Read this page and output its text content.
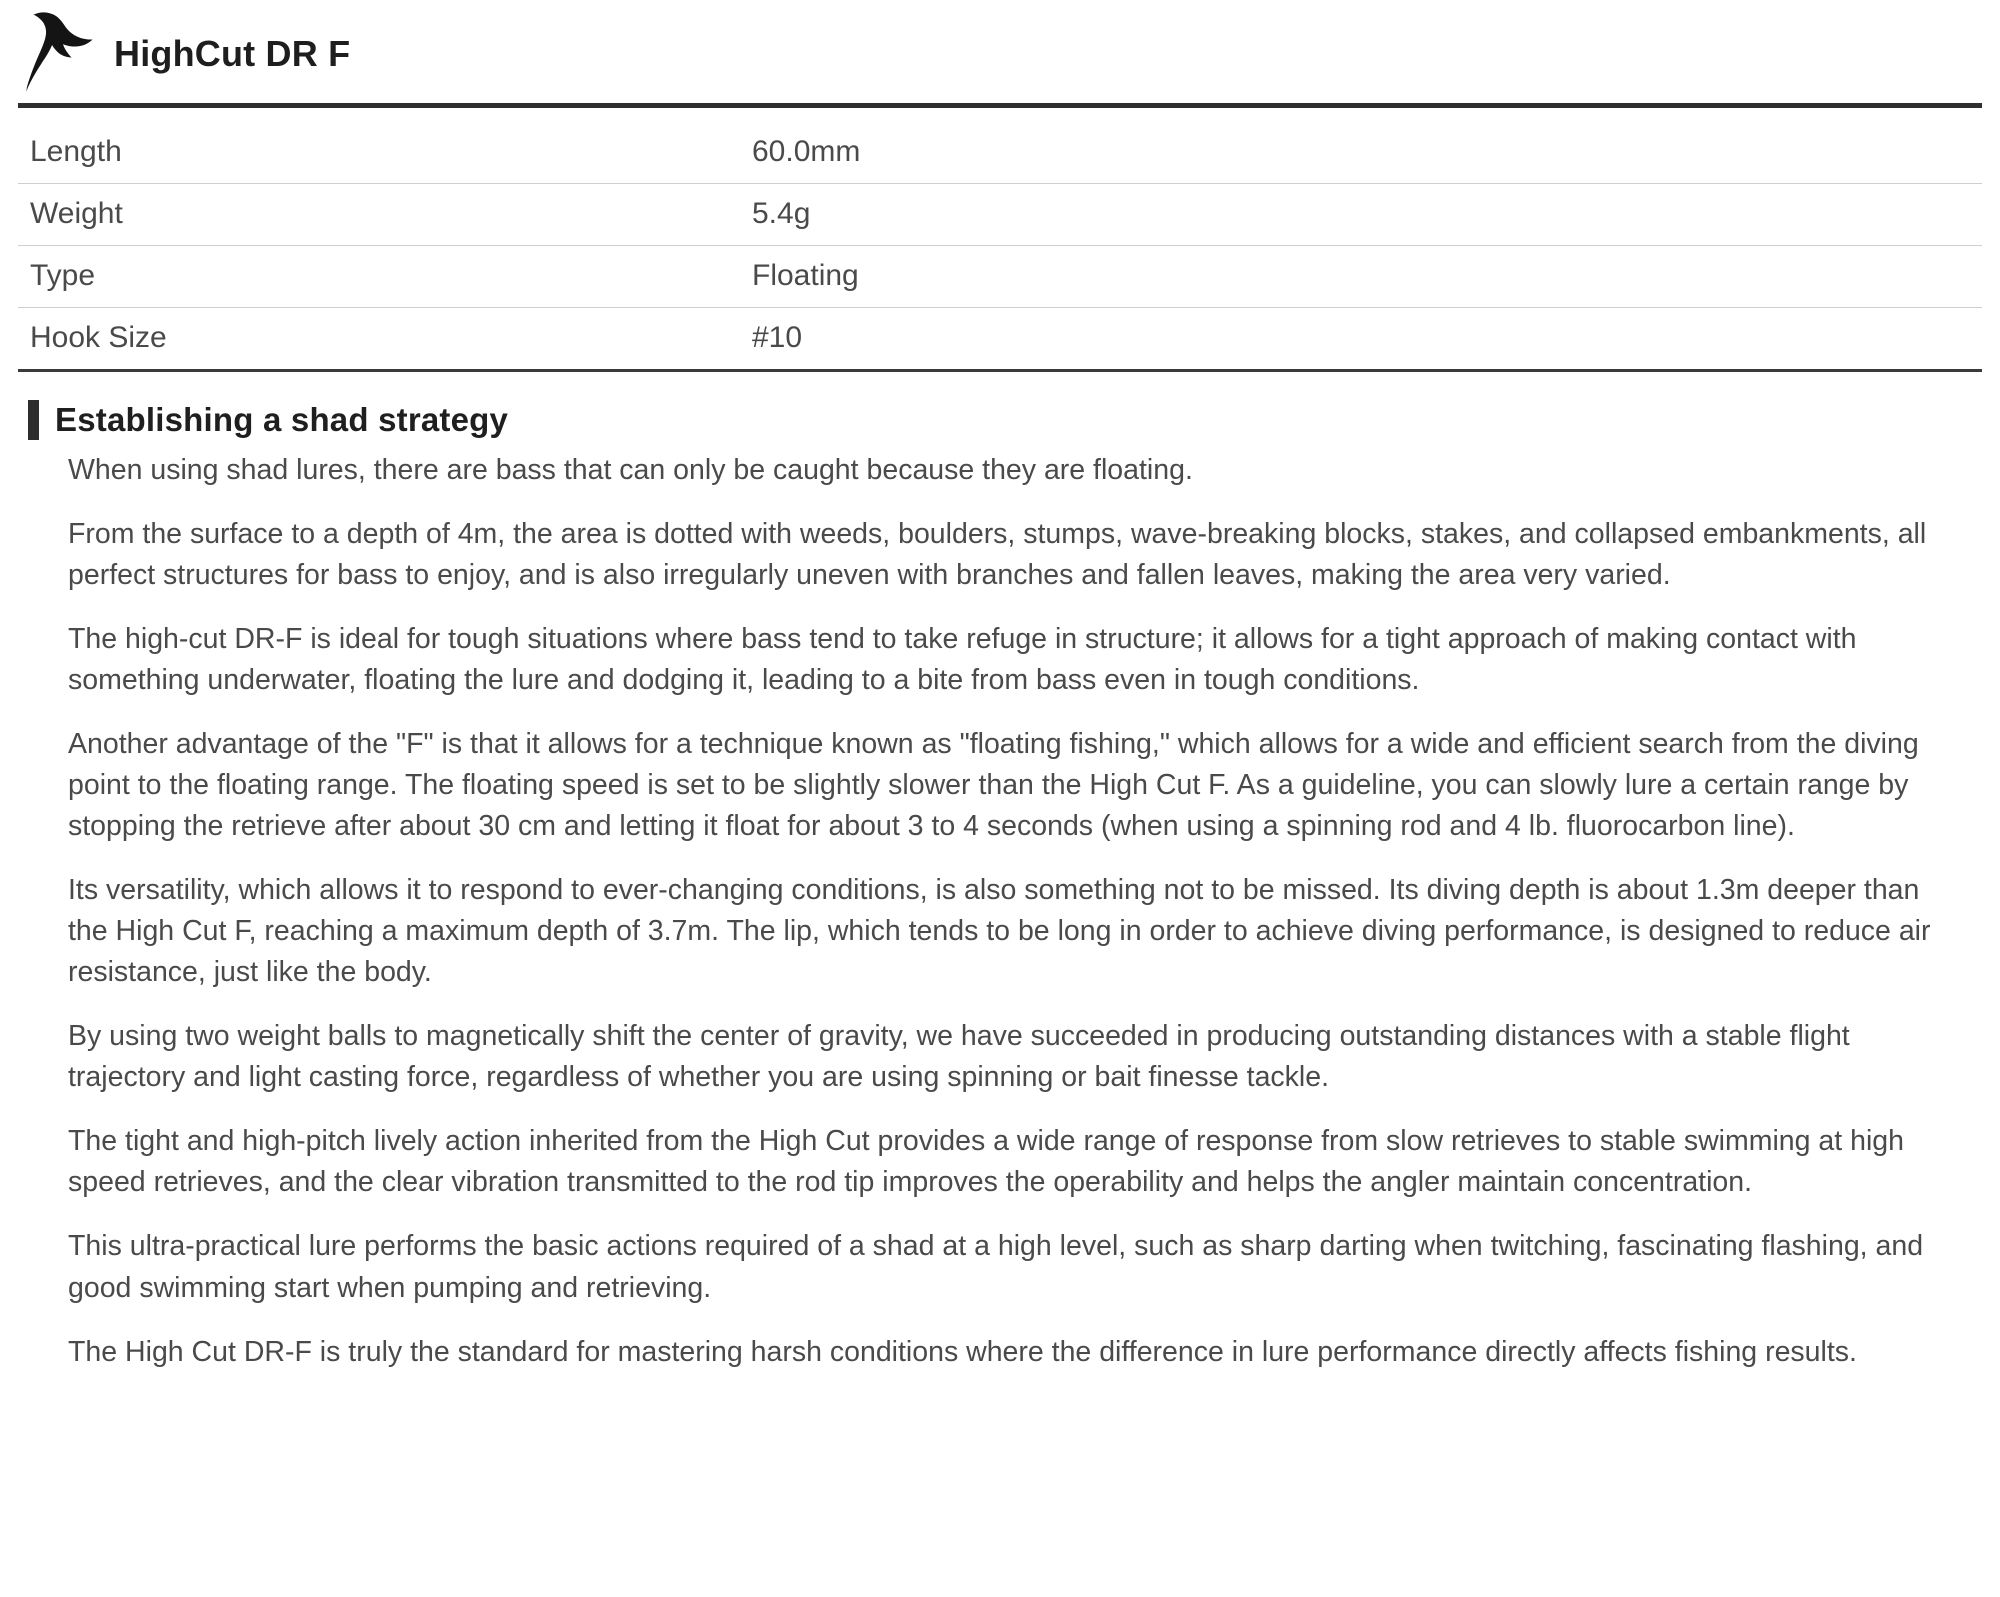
HighCut DR F
Length	60.0mm
Weight	5.4g
Type	Floating
Hook Size	#10
Establishing a shad strategy

When using shad lures, there are bass that can only be caught because they are floating.

From the surface to a depth of 4m, the area is dotted with weeds, boulders, stumps, wave-breaking blocks, stakes, and collapsed embankments, all perfect structures for bass to enjoy, and is also irregularly uneven with branches and fallen leaves, making the area very varied.

The high-cut DR-F is ideal for tough situations where bass tend to take refuge in structure; it allows for a tight approach of making contact with something underwater, floating the lure and dodging it, leading to a bite from bass even in tough conditions.

Another advantage of the "F" is that it allows for a technique known as "floating fishing," which allows for a wide and efficient search from the diving point to the floating range. The floating speed is set to be slightly slower than the High Cut F. As a guideline, you can slowly lure a certain range by stopping the retrieve after about 30 cm and letting it float for about 3 to 4 seconds (when using a spinning rod and 4 lb. fluorocarbon line).

Its versatility, which allows it to respond to ever-changing conditions, is also something not to be missed. Its diving depth is about 1.3m deeper than the High Cut F, reaching a maximum depth of 3.7m. The lip, which tends to be long in order to achieve diving performance, is designed to reduce air resistance, just like the body.

By using two weight balls to magnetically shift the center of gravity, we have succeeded in producing outstanding distances with a stable flight trajectory and light casting force, regardless of whether you are using spinning or bait finesse tackle.

The tight and high-pitch lively action inherited from the High Cut provides a wide range of response from slow retrieves to stable swimming at high speed retrieves, and the clear vibration transmitted to the rod tip improves the operability and helps the angler maintain concentration.

This ultra-practical lure performs the basic actions required of a shad at a high level, such as sharp darting when twitching, fascinating flashing, and good swimming start when pumping and retrieving.

The High Cut DR-F is truly the standard for mastering harsh conditions where the difference in lure performance directly affects fishing results.
